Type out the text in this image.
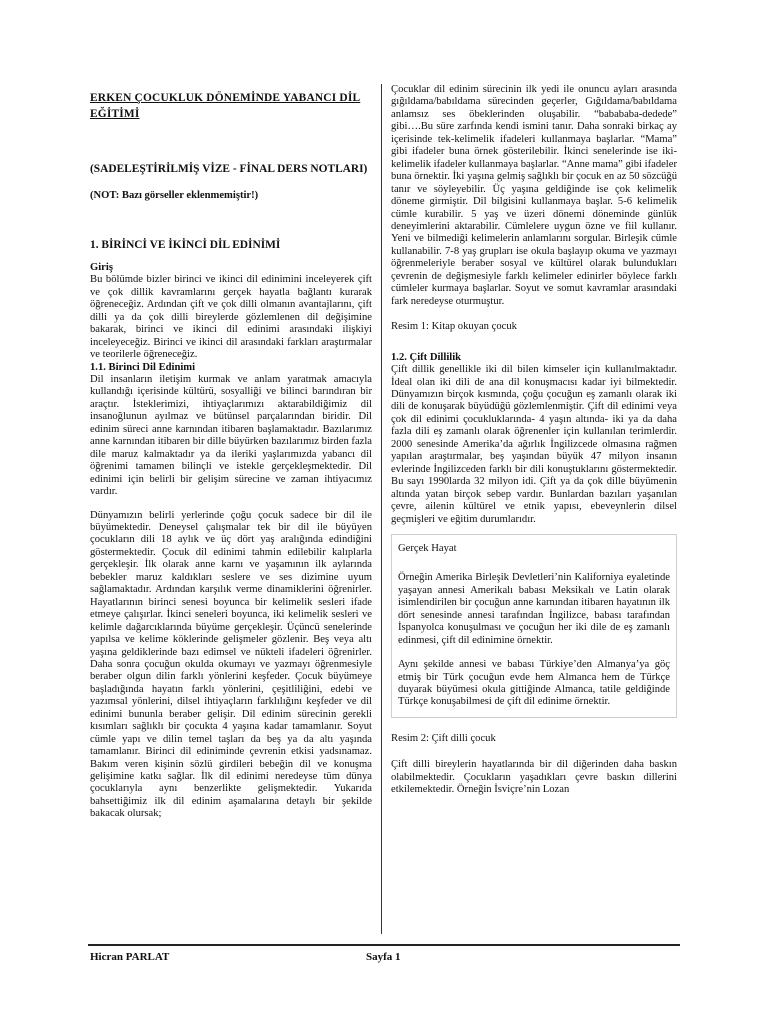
ERKEN ÇOCUKLUK DÖNEMİNDE YABANCI DİL EĞİTİMİ
(SADELEŞTİRİLMİŞ VİZE - FİNAL DERS NOTLARI)
(NOT: Bazı görseller eklenmemiştir!)
1. BİRİNCİ VE İKİNCİ DİL EDİNİMİ
Giriş

Bu bölümde bizler birinci ve ikinci dil edinimini inceleyerek çift ve çok dillik kavramlarını gerçek hayatla bağlantı kurarak öğreneceğiz. Ardından çift ve çok dilli olmanın avantajlarını, çift dilli ya da çok dilli bireylerde gözlemlenen dil değişimine bakarak, birinci ve ikinci dil edinimi arasındaki ilişkiyi inceleyeceğiz. Birinci ve ikinci dil arasındaki farkları araştırmalar ve teorilerle öğreneceğiz.

1.1. Birinci Dil Edinimi

Dil insanların iletişim kurmak ve anlam yaratmak amacıyla kullandığı içerisinde kültürü, sosyalliği ve bilinci barındıran bir araçtır. İsteklerimizi, ihtiyaçlarımızı aktarabildiğimiz dil insanoğlunun ayılmaz ve bütünsel parçalarından biridir. Dil edinim süreci anne karnından itibaren başlamaktadır. Bazılarımız anne karnından itibaren bir dille büyürken bazılarımız birden fazla dile maruz kalmaktadır ya da ileriki yaşlarımızda yabancı dil öğrenimi tamamen bilinçli ve istekle gerçekleşmektedir. Dil edinimi için belirli bir gelişim sürecine ve zaman ihtiyacımız vardır.

Dünyamızın belirli yerlerinde çoğu çocuk sadece bir dil ile büyümektedir. Deneysel çalışmalar tek bir dil ile büyüyen çocukların dili 18 aylık ve üç dört yaş aralığında edindiğini göstermektedir. Çocuk dil edinimi tahmin edilebilir kalıplarla gerçekleşir. İlk olarak anne karnı ve yaşamının ilk aylarında bebekler maruz kaldıkları seslere ve ses dizimine uyum sağlamaktadır. Ardından karşılık verme dinamiklerini öğrenirler. Hayatlarının birinci senesi boyunca bir kelimelik sesleri ifade etmeye çalışırlar. İkinci seneleri boyunca, iki kelimelik sesleri ve kelimle dağarcıklarında büyüme gerçekleşir. Üçüncü senelerinde yapılsa ve kelime köklerinde gelişmeler gözlenir. Beş veya altı yaşına geldiklerinde bazı edimsel ve nükteli ifadeleri öğrenirler. Daha sonra çocuğun okulda okumayı ve yazmayı öğrenmesiyle beraber olgun dilin farklı yönlerini keşfeder. Çocuk büyümeye başladığında hayatın farklı yönlerini, çeşitliliğini, edebi ve yazımsal yönlerini, dilsel ihtiyaçların farklılığını keşfeder ve dil edinimi bununla beraber gelişir. Dil edinim sürecinin gerekli kısımları sağlıklı bir çocukta 4 yaşına kadar tamamlanır. Soyut cümle yapı ve dilin temel taşları da beş ya da altı yaşında tamamlanır. Birinci dil ediniminde çevrenin etkisi yadsınamaz. Bakım veren kişinin sözlü girdileri bebeğin dil ve konuşma gelişimine katkı sağlar. İlk dil edinimi neredeyse tüm dünya çocuklarıyla aynı benzerlikte gelişmektedir. Yukarıda bahsettiğimiz ilk dil edinim aşamalarına detaylı bir şekilde bakacak olursak;

Çocuklar dil edinim sürecinin ilk yedi ile onuncu ayları arasında gığıldama/babıldama sürecinden geçerler, Gığıldama/babıldama anlamsız ses öbeklerinden oluşabilir. “babababa-dedede” gibi….Bu süre zarfında kendi ismini tanır. Daha sonraki birkaç ay içerisinde tek-kelimelik ifadeleri kullanmaya başlarlar. “Mama” gibi ifadeler buna örnek gösterilebilir. İkinci senelerinde ise iki-kelimelik ifadeler kullanmaya başlarlar. “Anne mama” gibi ifadeler buna örnektir. İki yaşına gelmiş sağlıklı bir çocuk en az 50 sözcüğü tanır ve söyleyebilir. Üç yaşına geldiğinde ise çok kelimelik döneme girmiştir. Dil bilgisini kullanmaya başlar. 5-6 kelimelik cümle kurabilir. 5 yaş ve üzeri dönemi döneminde günlük deneyimlerini aktarabilir. Cümlelere uygun özne ve fiil kullanır. Yeni ve bilmediği kelimelerin anlamlarını sorgular. Birleşik cümle kullanabilir. 7-8 yaş grupları ise okula başlayıp okuma ve yazmayı öğrenmeleriyle beraber sosyal ve kültürel olarak bulundukları çevrenin de değişmesiyle farklı kelimeler edinirler böylece farklı cümleler kurmaya başlarlar. Soyut ve somut kavramlar arasındaki fark neredeyse oturmuştur.

Resim 1: Kitap okuyan çocuk
1.2. Çift Dillilik

Çift dillik genellikle iki dil bilen kimseler için kullanılmaktadır. İdeal olan iki dili de ana dil konuşmacısı kadar iyi bilmektedir. Dünyamızın birçok kısmında, çoğu çocuğun eş zamanlı olarak iki dili de konuşarak büyüdüğü gözlemlenmiştir. Çift dil edinimi veya çok dil edinimi çocukluklarında- 4 yaşın altında- iki ya da daha fazla dili eş zamanlı olarak öğrenenler için kullanılan terimlerdir. 2000 senesinde Amerika’da ağırlık İngilizcede olmasına rağmen yapılan araştırmalar, beş yaşından büyük 47 milyon insanın evlerinde İngilizceden farklı bir dili konuştuklarını göstermektedir. Bu sayı 1990larda 32 milyon idi. Çift ya da çok dille büyümenin altında yatan birçok sebep vardır. Bunlardan bazıları yaşanılan çevre, ailenin kültürel ve etnik yapısı, ebeveynlerin dilsel geçmişleri ve eğitim durumlarıdır.

Gerçek Hayat

Örneğin Amerika Birleşik Devletleri’nin Kaliforniya eyaletinde yaşayan annesi Amerikalı babası Meksikalı ve Latin olarak isimlendirilen bir çocuğun anne karnından itibaren hayatının ilk dört senesinde annesi tarafından İngilizce, babası tarafından İspanyolca konuşulması ve çocuğun her iki dile de eş zamanlı edinmesi, çift dil ediniminе örnektir.

Aynı şekilde annesi ve babası Türkiye’den Almanya’ya göç etmiş bir Türk çocuğun evde hem Almanca hem de Türkçe duyarak büyümesi okula gittiğinde Almanca, tatile geldiğinde Türkçe konuşabilmesi de çift dil edinime örnektir.

Resim 2: Çift dilli çocuk

Çift dilli bireylerin hayatlarında bir dil diğerinden daha baskın olabilmektedir. Çocukların yaşadıkları çevre baskın dillerini etkilemektedir. Örneğin İsviçre’nin Lozan

Hicran PARLAT	Sayfa 1
